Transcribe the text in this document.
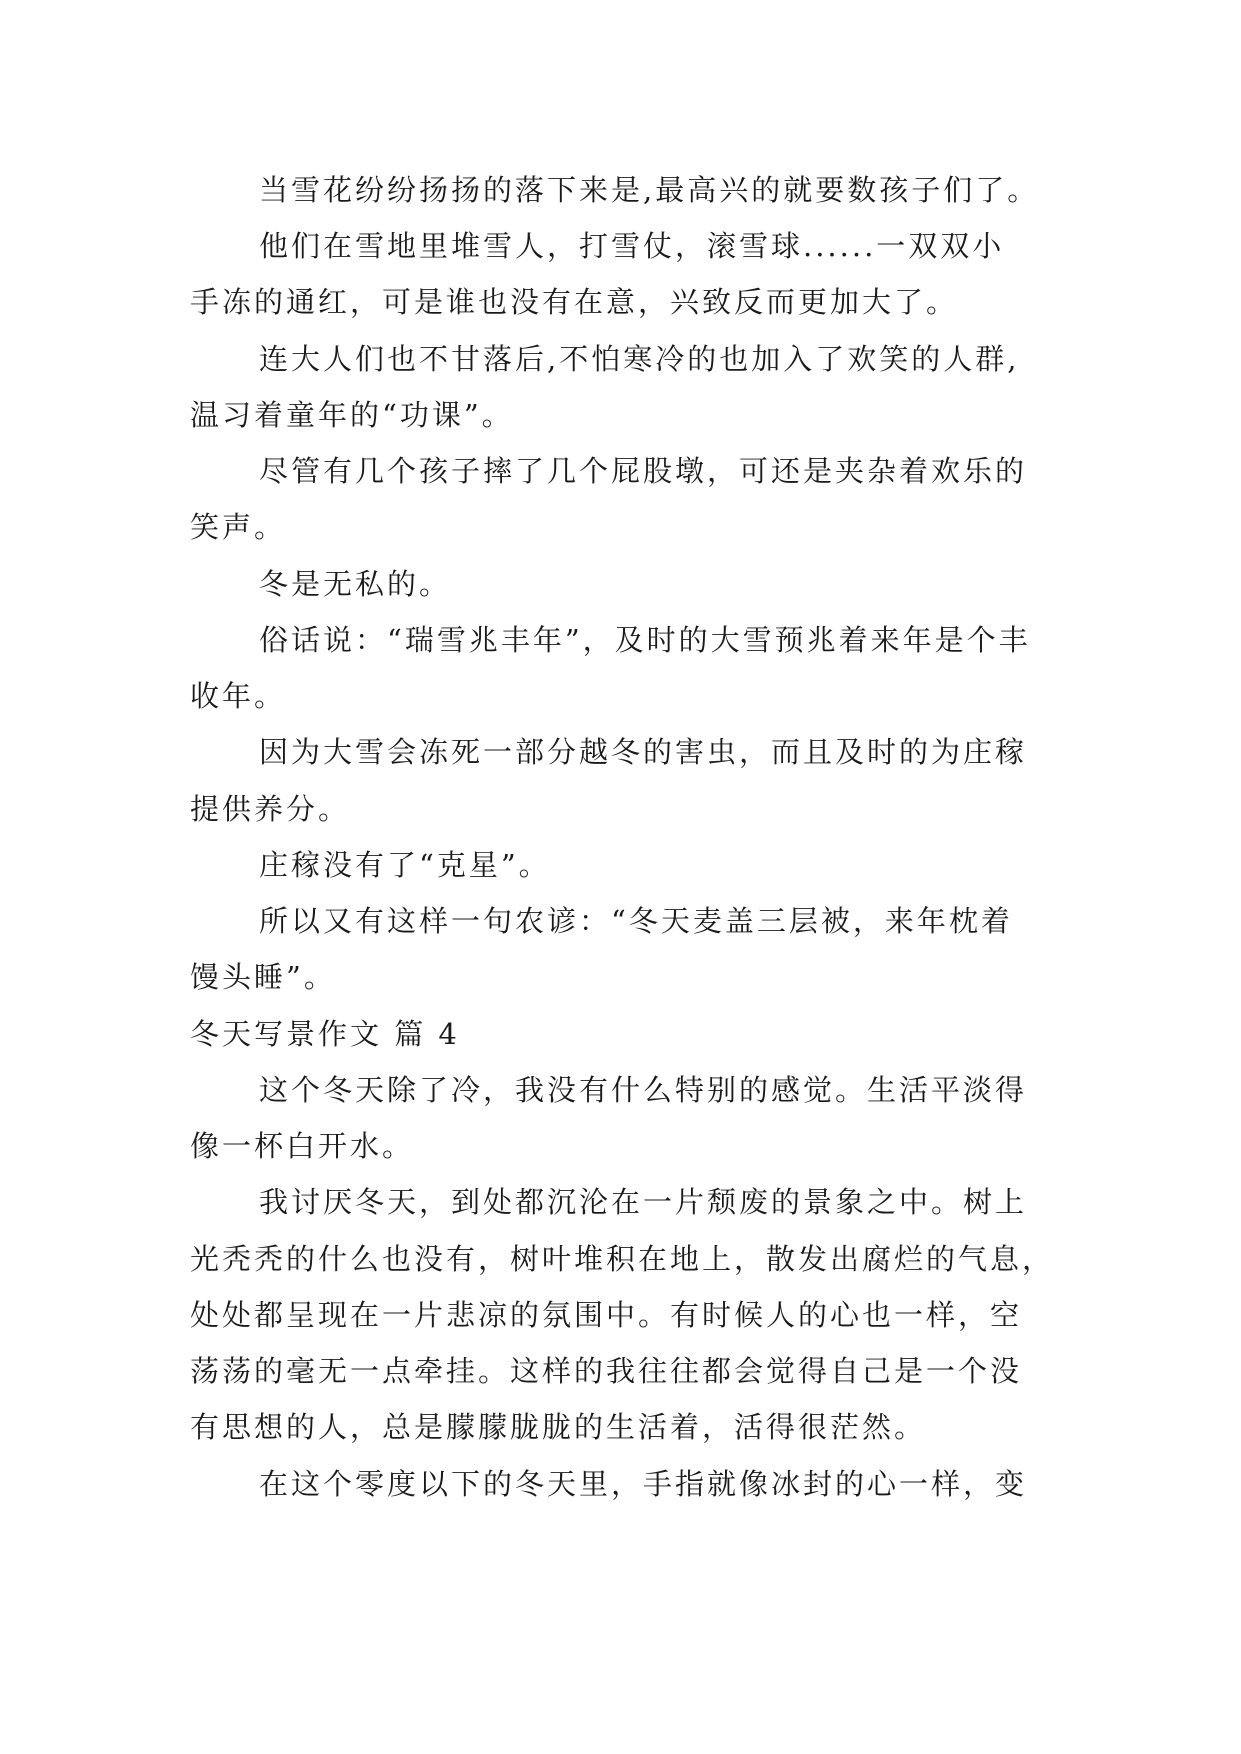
当雪花纷纷扬扬的落下来是,最高兴的就要数孩子们了。
他们在雪地里堆雪人，打雪仗，滚雪球......一双双小
手冻的通红，可是谁也没有在意，兴致反而更加大了。
连大人们也不甘落后,不怕寒冷的也加入了欢笑的人群,
温习着童年的“功课”。
尽管有几个孩子摔了几个屁股墩，可还是夹杂着欢乐的
笑声。
冬是无私的。
俗话说：“瑞雪兆丰年”，及时的大雪预兆着来年是个丰
收年。
因为大雪会冻死一部分越冬的害虫，而且及时的为庄稼
提供养分。
庄稼没有了“克星”。
所以又有这样一句农谚：“冬天麦盖三层被，来年枕着
馒头睡”。
冬天写景作文 篇 4
这个冬天除了冷，我没有什么特别的感觉。生活平淡得
像一杯白开水。
我讨厌冬天，到处都沉沦在一片颓废的景象之中。树上
光秃秃的什么也没有，树叶堆积在地上，散发出腐烂的气息，
处处都呈现在一片悲凉的氛围中。有时候人的心也一样，空
荡荡的毫无一点牵挂。这样的我往往都会觉得自己是一个没
有思想的人，总是朦朦胧胧的生活着，活得很茫然。
在这个零度以下的冬天里，手指就像冰封的心一样，变
